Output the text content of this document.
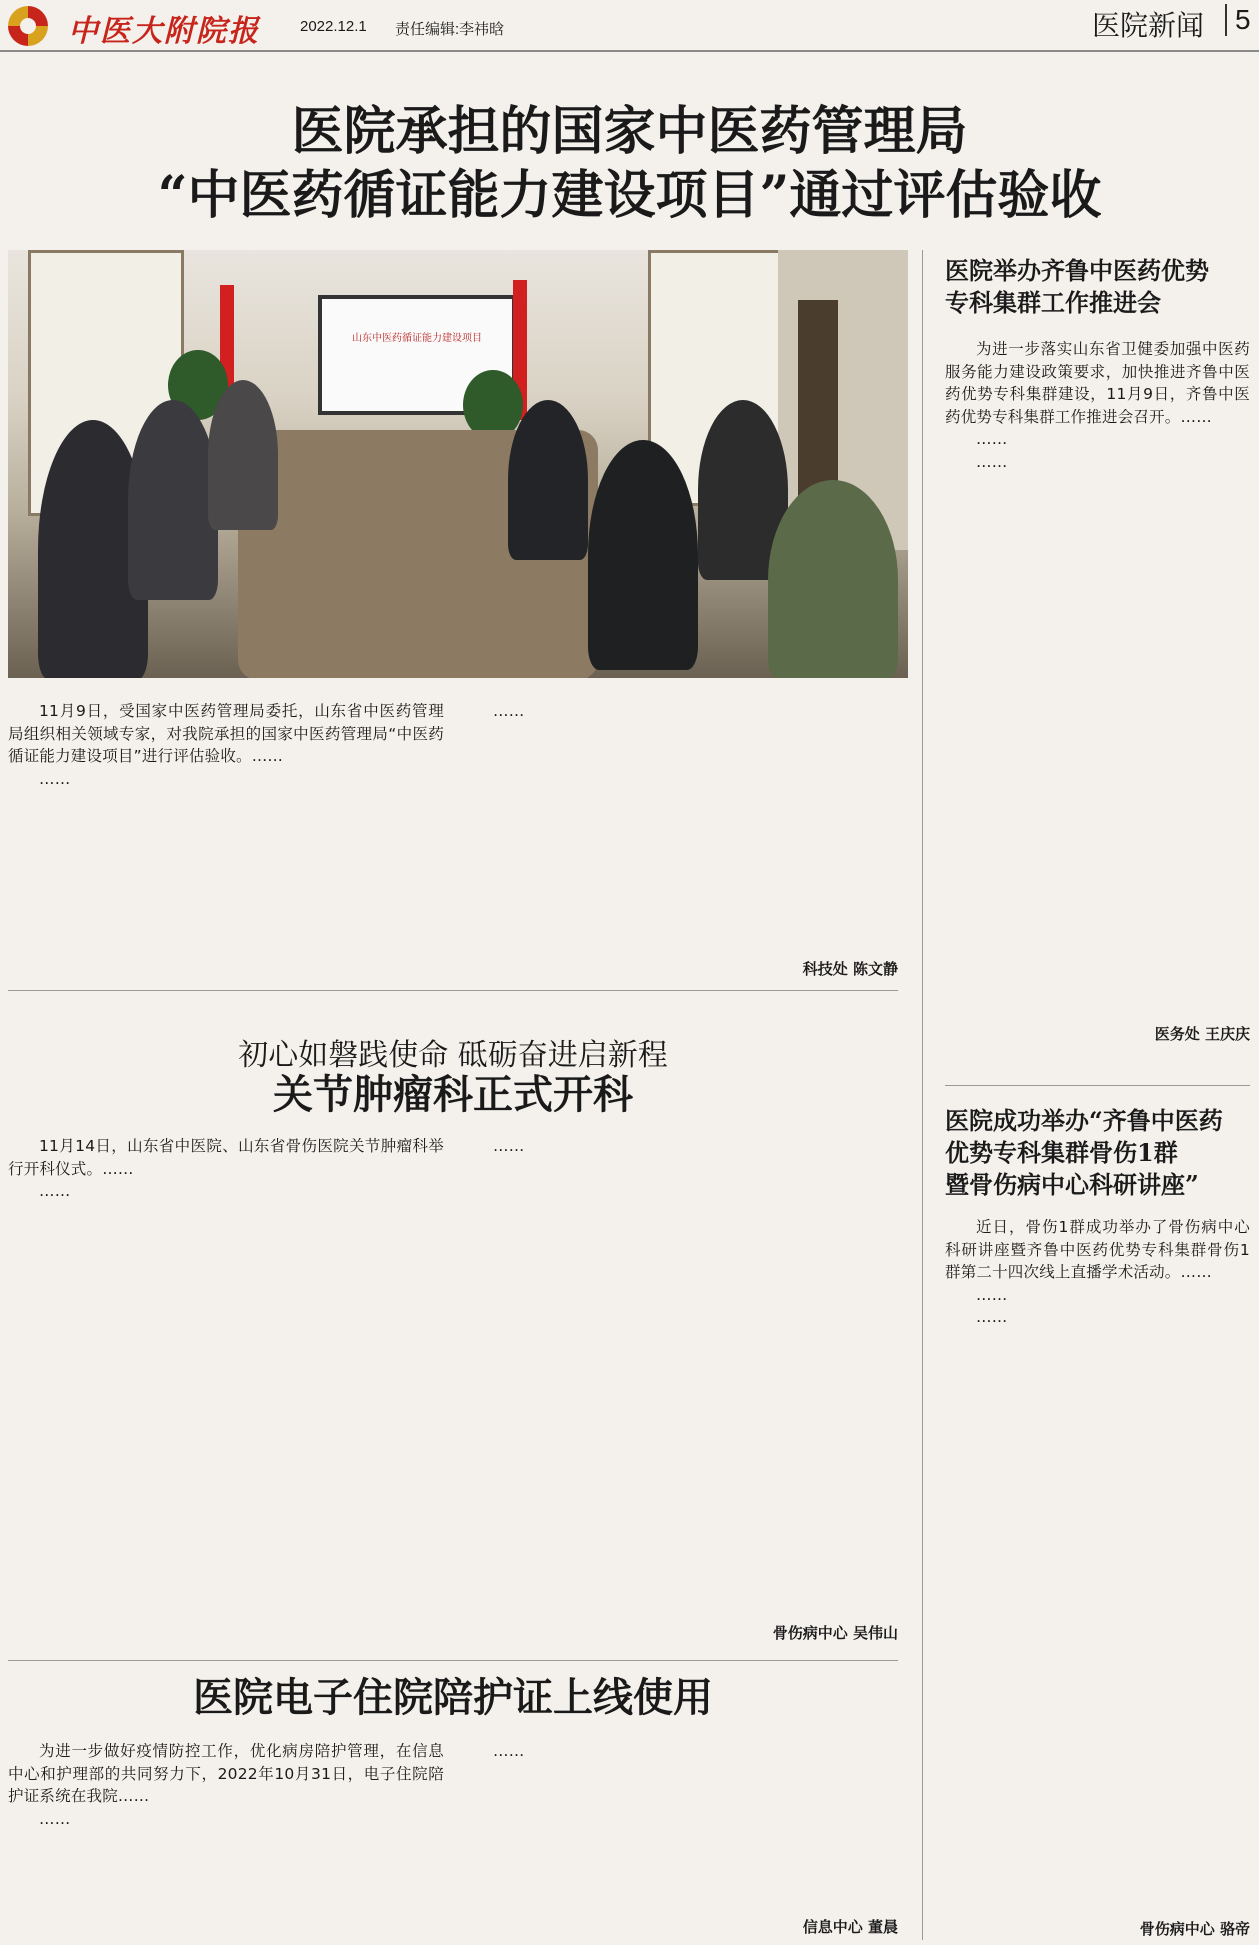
中医大附院报	2022.12.1 责任编辑:李祎晗	医院新闻	5
医院承担的国家中医药管理局
“中医药循证能力建设项目”通过评估验收
山东中医药循证能力建设项目

11月9日，受国家中医药管理局委托，山东省中医药管理局组织相关领域专家，对我院承担的国家中医药管理局“中医药循证能力建设项目”进行评估验收。……

……

……

科技处 陈文静
初心如磐践使命 砥砺奋进启新程
关节肿瘤科正式开科

11月14日，山东省中医院、山东省骨伤医院关节肿瘤科举行开科仪式。……

……

……

骨伤病中心 吴伟山
医院电子住院陪护证上线使用

为进一步做好疫情防控工作，优化病房陪护管理，在信息中心和护理部的共同努力下，2022年10月31日，电子住院陪护证系统在我院……

……

……

信息中心 董晨
医院举办齐鲁中医药优势
专科集群工作推进会

为进一步落实山东省卫健委加强中医药服务能力建设政策要求，加快推进齐鲁中医药优势专科集群建设，11月9日，齐鲁中医药优势专科集群工作推进会召开。……

……

……

医务处 王庆庆
医院成功举办“齐鲁中医药
优势专科集群骨伤1群
暨骨伤病中心科研讲座”

近日，骨伤1群成功举办了骨伤病中心科研讲座暨齐鲁中医药优势专科集群骨伤1群第二十四次线上直播学术活动。……

……

……

骨伤病中心 骆帝
